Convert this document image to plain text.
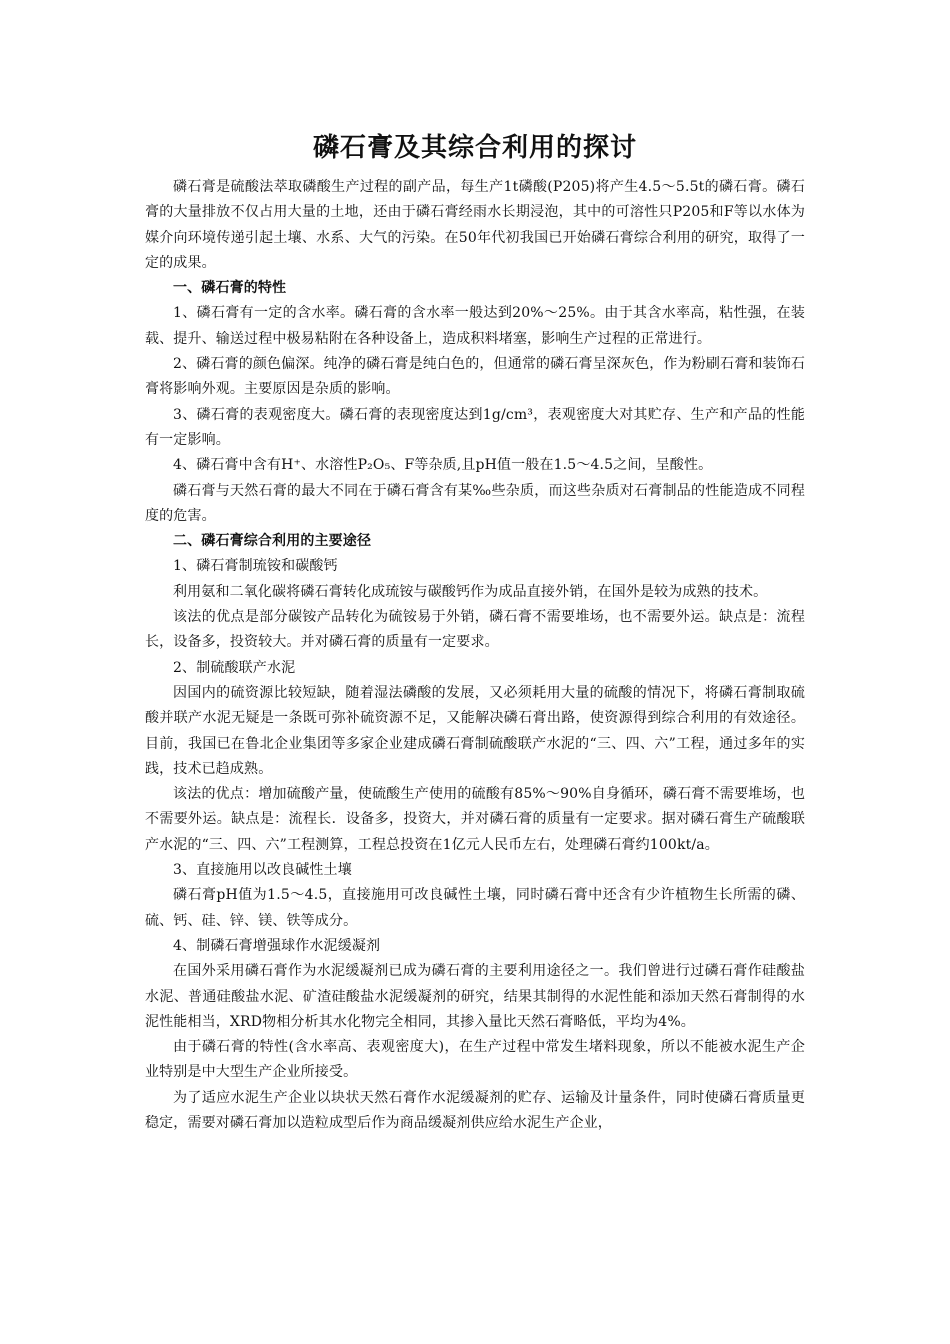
磷石膏及其综合利用的探讨

磷石膏是硫酸法萃取磷酸生产过程的副产品，每生产1t磷酸(P205)将产生4.5～5.5t的磷石膏。磷石膏的大量排放不仅占用大量的土地，还由于磷石膏经雨水长期浸泡，其中的可溶性只P205和F等以水体为媒介向环境传递引起土壤、水系、大气的污染。在50年代初我国已开始磷石膏综合利用的研究，取得了一定的成果。

一、磷石膏的特性

1、磷石膏有一定的含水率。磷石膏的含水率一般达到20%～25%。由于其含水率高，粘性强，在装载、提升、输送过程中极易粘附在各种设备上，造成积料堵塞，影响生产过程的正常进行。

2、磷石膏的颜色偏深。纯净的磷石膏是纯白色的，但通常的磷石膏呈深灰色，作为粉刷石膏和装饰石膏将影响外观。主要原因是杂质的影响。

3、磷石膏的表观密度大。磷石膏的表现密度达到1g/cm³，表观密度大对其贮存、生产和产品的性能有一定影响。

4、磷石膏中含有H⁺、水溶性P₂O₅、F等杂质,且pH值一般在1.5～4.5之间，呈酸性。

磷石膏与天然石膏的最大不同在于磷石膏含有某‰些杂质，而这些杂质对石膏制品的性能造成不同程度的危害。

二、磷石膏综合利用的主要途径

1、磷石膏制琉铵和碳酸钙

利用氨和二氧化碳将磷石膏转化成琉铵与碳酸钙作为成品直接外销，在国外是较为成熟的技术。

该法的优点是部分碳铵产品转化为硫铵易于外销，磷石膏不需要堆场，也不需要外运。缺点是：流程长，设备多，投资较大。并对磷石膏的质量有一定要求。

2、制硫酸联产水泥

因国内的硫资源比较短缺，随着湿法磷酸的发展，又必须耗用大量的硫酸的情况下，将磷石膏制取硫酸并联产水泥无疑是一条既可弥补硫资源不足，又能解决磷石膏出路，使资源得到综合利用的有效途径。目前，我国已在鲁北企业集团等多家企业建成磷石膏制硫酸联产水泥的“三、四、六”工程，通过多年的实践，技术已趋成熟。

该法的优点：增加硫酸产量，使硫酸生产使用的硫酸有85%～90%自身循环，磷石膏不需要堆场，也不需要外运。缺点是：流程长．设备多，投资大，并对磷石膏的质量有一定要求。据对磷石膏生产硫酸联产水泥的“三、四、六”工程测算，工程总投资在1亿元人民币左右，处理磷石膏约100kt/a。

3、直接施用以改良碱性土壤

磷石膏pH值为1.5～4.5，直接施用可改良碱性土壤，同时磷石膏中还含有少许植物生长所需的磷、硫、钙、硅、锌、镁、铁等成分。

4、制磷石膏增强球作水泥缓凝剂

在国外采用磷石膏作为水泥缓凝剂已成为磷石膏的主要利用途径之一。我们曾进行过磷石膏作硅酸盐水泥、普通硅酸盐水泥、矿渣硅酸盐水泥缓凝剂的研究，结果其制得的水泥性能和添加天然石膏制得的水泥性能相当，XRD物相分析其水化物完全相同，其掺入量比天然石膏略低，平均为4%。

由于磷石膏的特性(含水率高、表观密度大)，在生产过程中常发生堵料现象，所以不能被水泥生产企业特别是中大型生产企业所接受。

为了适应水泥生产企业以块状天然石膏作水泥缓凝剂的贮存、运输及计量条件，同时使磷石膏质量更稳定，需要对磷石膏加以造粒成型后作为商品缓凝剂供应给水泥生产企业，
